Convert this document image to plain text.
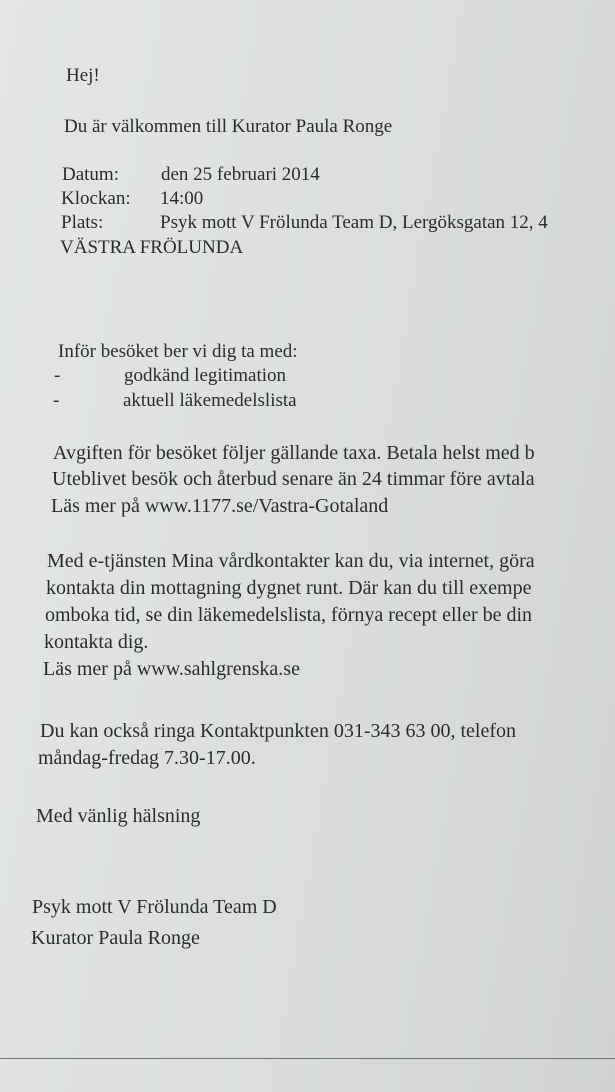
Hej!
Du är välkommen till Kurator Paula Ronge
Datum: den 25 februari 2014
Klockan: 14:00
Plats:	Psyk mott V Frölunda Team D, Lergöksgatan 12, 4
VÄSTRA FRÖLUNDA
Inför besöket ber vi dig ta med:
-	godkänd legitimation
-	aktuell läkemedelslista
Avgiften för besöket följer gällande taxa. Betala helst med b
Uteblivet besök och återbud senare än 24 timmar före avtala
Läs mer på www.1177.se/Vastra-Gotaland
Med e-tjänsten Mina vårdkontakter kan du, via internet, göra
kontakta din mottagning dygnet runt. Där kan du till exempe
omboka tid, se din läkemedelslista, förnya recept eller be din
kontakta dig.
Läs mer på www.sahlgrenska.se
Du kan också ringa Kontaktpunkten 031-343 63 00, telefon
måndag-fredag 7.30-17.00.
Med vänlig hälsning
Psyk mott V Frölunda Team D
Kurator Paula Ronge
